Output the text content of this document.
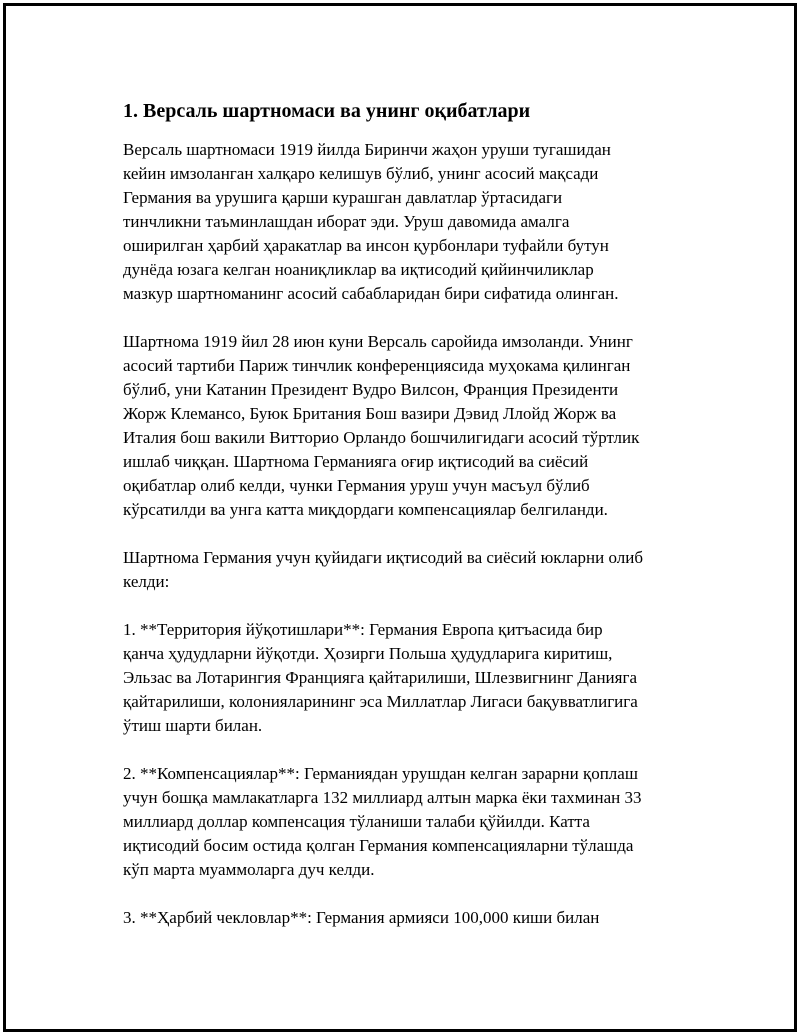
1. Версаль шартномаси ва унинг оқибатлари

Версаль шартномаси 1919 йилда Биринчи жаҳон уруши тугашидан
кейин имзоланган халқаро келишув бўлиб, унинг асосий мақсади
Германия ва урушига қарши курашган давлатлар ўртасидаги
тинчликни таъминлашдан иборат эди. Уруш давомида амалга
оширилган ҳарбий ҳаракатлар ва инсон қурбонлари туфайли бутун
дунёда юзага келган ноаниқликлар ва иқтисодий қийинчиликлар
мазкур шартноманинг асосий сабабларидан бири сифатида олинган.

Шартнома 1919 йил 28 июн куни Версаль саройида имзоланди. Унинг
асосий тартиби Париж тинчлик конференциясида муҳокама қилинган
бўлиб, уни Катанин Президент Вудро Вилсон, Франция Президенти
Жорж Клемансо, Буюк Британия Бош вазири Дэвид Ллойд Жорж ва
Италия бош вакили Витторио Орландо бошчилигидаги асосий тўртлик
ишлаб чиққан. Шартнома Германияга оғир иқтисодий ва сиёсий
оқибатлар олиб келди, чунки Германия уруш учун масъул бўлиб
кўрсатилди ва унга катта миқдордаги компенсациялар белгиланди.

Шартнома Германия учун қуйидаги иқтисодий ва сиёсий юкларни олиб
келди:

1. **Территория йўқотишлари**: Германия Европа қитъасида бир
қанча ҳудудларни йўқотди. Ҳозирги Польша ҳудудларига киритиш,
Эльзас ва Лотарингия Францияга қайтарилиши, Шлезвигнинг Данияга
қайтарилиши, колонияларининг эса Миллатлар Лигаси бақувватлигига
ўтиш шарти билан.

2. **Компенсациялар**: Германиядан урушдан келган зарарни қоплаш
учун бошқа мамлакатларга 132 миллиард алтын марка ёки тахминан 33
миллиард доллар компенсация тўланиши талаби қўйилди. Катта
иқтисодий босим остида қолган Германия компенсацияларни тўлашда
кўп марта муаммоларга дуч келди.

3. **Ҳарбий чекловлар**: Германия армияси 100,000 киши билан
